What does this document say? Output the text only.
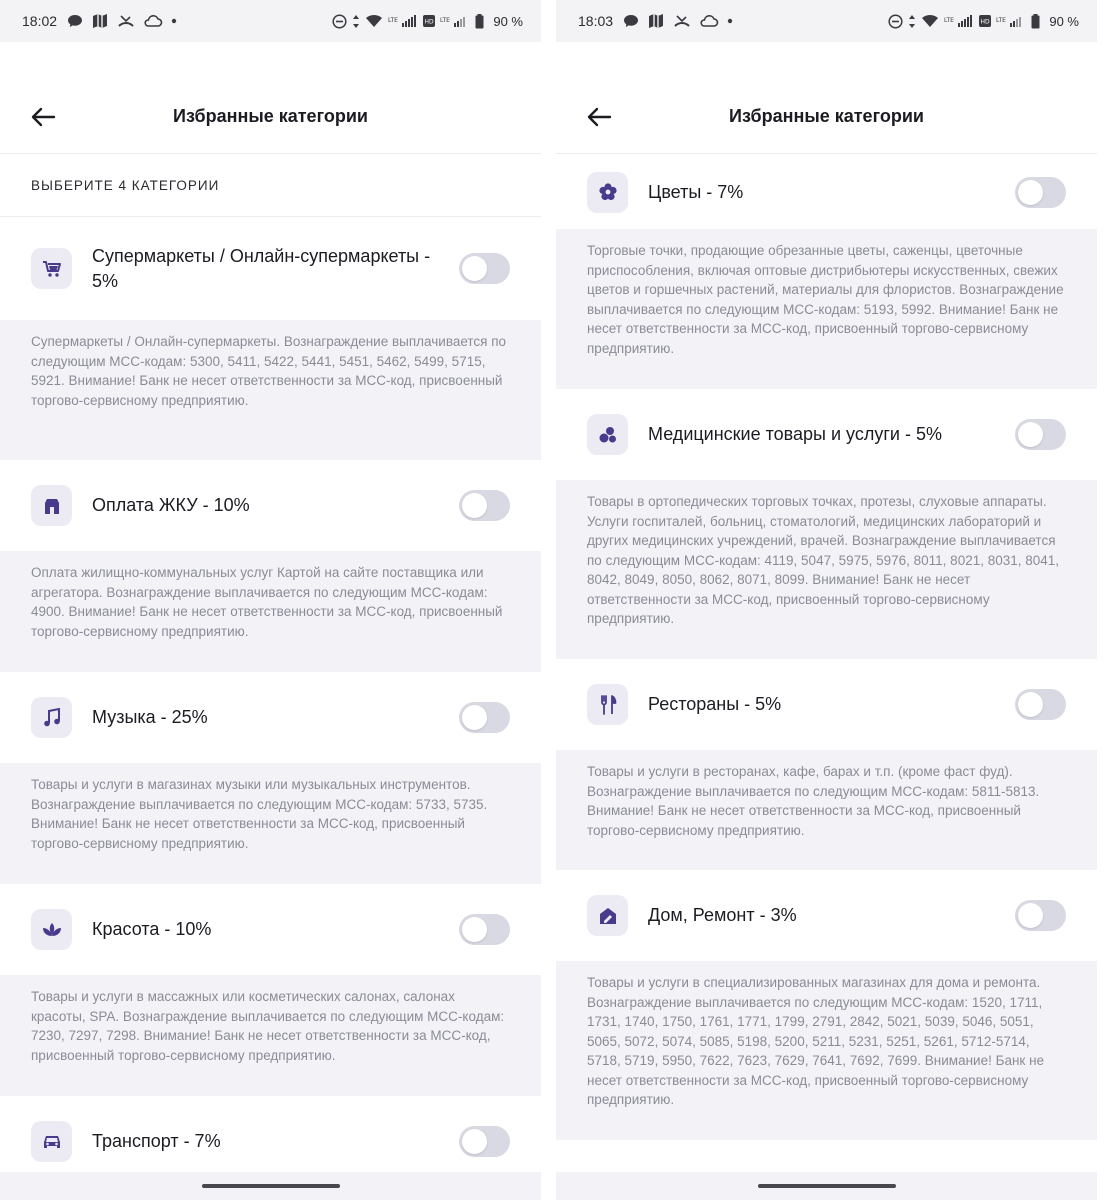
18:02	LTE	HD LTE	90 %
Избранные категории
ВЫБЕРИТЕ 4 КАТЕГОРИИ
Супермаркеты / Онлайн-супермаркеты - 5%
Супермаркеты / Онлайн-супермаркеты. Вознаграждение выплачивается по следующим MCC-кодам: 5300, 5411, 5422, 5441, 5451, 5462, 5499, 5715, 5921. Внимание! Банк не несет ответственности за MCC-код, присвоенный торгово-сервисному предприятию.
Оплата ЖКУ - 10%
Оплата жилищно-коммунальных услуг Картой на сайте поставщика или агрегатора. Вознаграждение выплачивается по следующим MCC-кодам: 4900. Внимание! Банк не несет ответственности за MCC-код, присвоенный торгово-сервисному предприятию.
Музыка - 25%
Товары и услуги в магазинах музыки или музыкальных инструментов. Вознаграждение выплачивается по следующим MCC-кодам: 5733, 5735. Внимание! Банк не несет ответственности за MCC-код, присвоенный торгово-сервисному предприятию.
Красота - 10%
Товары и услуги в массажных или косметических салонах, салонах красоты, SPA. Вознаграждение выплачивается по следующим MCC-кодам: 7230, 7297, 7298. Внимание! Банк не несет ответственности за MCC-код, присвоенный торгово-сервисному предприятию.
Транспорт - 7%
18:03	LTE	HD LTE	90 %
Избранные категории
Цветы - 7%
Торговые точки, продающие обрезанные цветы, саженцы, цветочные приспособления, включая оптовые дистрибьютеры искусственных, свежих цветов и горшечных растений, материалы для флористов. Вознаграждение выплачивается по следующим MCC-кодам: 5193, 5992. Внимание! Банк не несет ответственности за MCC-код, присвоенный торгово-сервисному предприятию.
Медицинские товары и услуги - 5%
Товары в ортопедических торговых точках, протезы, слуховые аппараты. Услуги госпиталей, больниц, стоматологий, медицинских лабораторий и других медицинских учреждений, врачей. Вознаграждение выплачивается по следующим MCC-кодам: 4119, 5047, 5975, 5976, 8011, 8021, 8031, 8041, 8042, 8049, 8050, 8062, 8071, 8099. Внимание! Банк не несет ответственности за MCC-код, присвоенный торгово-сервисному предприятию.
Рестораны - 5%
Товары и услуги в ресторанах, кафе, барах и т.п. (кроме фаст фуд). Вознаграждение выплачивается по следующим MCC-кодам: 5811-5813. Внимание! Банк не несет ответственности за MCC-код, присвоенный торгово-сервисному предприятию.
Дом, Ремонт - 3%
Товары и услуги в специализированных магазинах для дома и ремонта. Вознаграждение выплачивается по следующим MCC-кодам: 1520, 1711, 1731, 1740, 1750, 1761, 1771, 1799, 2791, 2842, 5021, 5039, 5046, 5051, 5065, 5072, 5074, 5085, 5198, 5200, 5211, 5231, 5251, 5261, 5712-5714, 5718, 5719, 5950, 7622, 7623, 7629, 7641, 7692, 7699. Внимание! Банк не несет ответственности за MCC-код, присвоенный торгово-сервисному предприятию.
